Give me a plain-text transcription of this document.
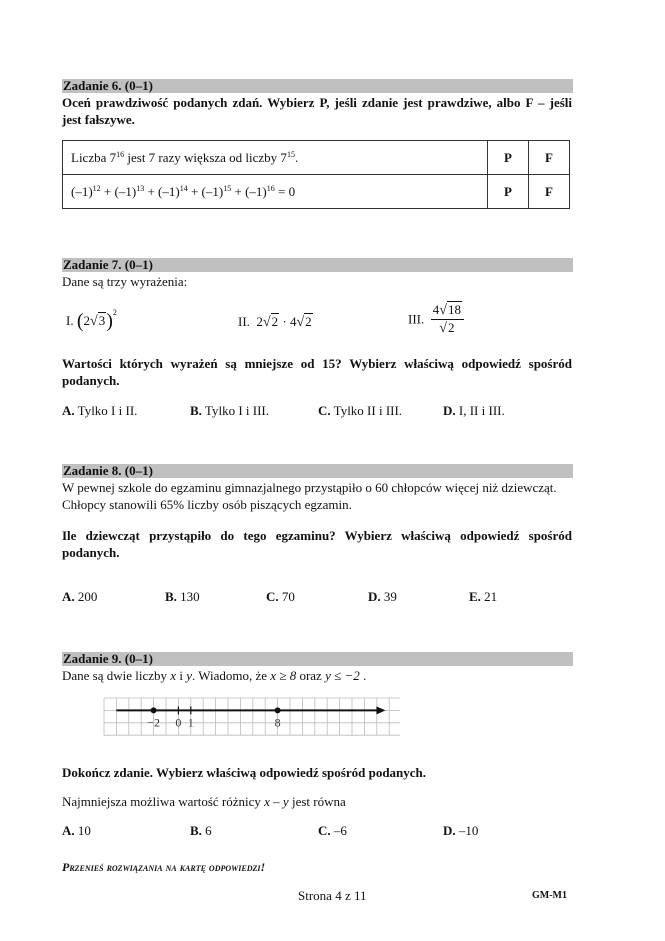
Zadanie 6. (0–1)
Oceń prawdziwość podanych zdań. Wybierz P, jeśli zdanie jest prawdziwe, albo F – jeśli
jest fałszywe.
Liczba $7^{16}$ jest 7 razy większa od liczby $7^{15}$.	P	F
$(-1)^{12} + (-1)^{13} + (-1)^{14} + (-1)^{15} + (-1)^{16} = 0$	P	F
Zadanie 7. (0–1)
Dane są trzy wyrażenia:
I. $(2√3)^2$
II. 2√2 · 4√2	III. $\frac{4√18}{√2}$
Wartości których wyrażeń są mniejsze od 15? Wybierz właściwą odpowiedź spośród
podanych.
A. Tylko I i II.	B. Tylko I i III.	C. Tylko II i III.	D. I, II i III.
Zadanie 8. (0–1)
W pewnej szkole do egzaminu gimnazjalnego przystąpiło o 60 chłopców więcej niż dziewcząt.
Chłopcy stanowili 65% liczby osób piszących egzamin.
Ile dziewcząt przystąpiło do tego egzaminu? Wybierz właściwą odpowiedź spośród
podanych.
A. 200	B. 130	C. 70	D. 39	E. 21
Zadanie 9. (0–1)
Dane są dwie liczby x i y. Wiadomo, że x ≥ 8 oraz y ≤ −2 .
−2 0 1	8
Dokończ zdanie. Wybierz właściwą odpowiedź spośród podanych.
Najmniejsza możliwa wartość różnicy x – y jest równa
A. 10	B. 6	C. –6	D. –10
Przenieś rozwiązania na kartę odpowiedzi!
Strona 4 z 11	GM-M1
